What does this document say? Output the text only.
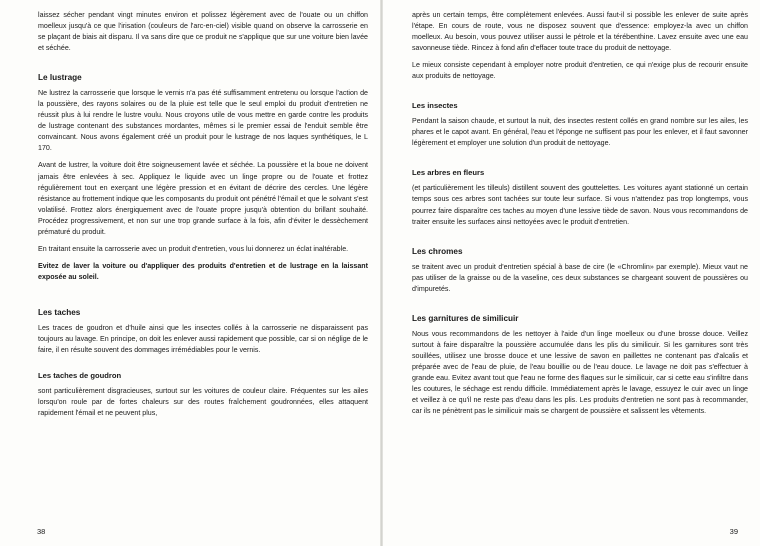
laissez sécher pendant vingt minutes environ et polissez légèrement avec de l'ouate ou un chiffon moelleux jusqu'à ce que l'irisation (couleurs de l'arc-en-ciel) visible quand on observe la carrosserie en se plaçant de biais ait disparu. Il va sans dire que ce produit ne s'applique que sur une voiture bien lavée et séchée.

Le lustrage

Ne lustrez la carrosserie que lorsque le vernis n'a pas été suffisamment entretenu ou lorsque l'action de la poussière, des rayons solaires ou de la pluie est telle que le seul emploi du produit d'entretien ne réussit plus à lui rendre le lustre voulu. Nous croyons utile de vous mettre en garde contre les produits de lustrage contenant des substances mordantes, mêmes si le premier essai de l'enduit semble être convaincant. Nous avons également créé un produit pour le lustrage de nos laques synthétiques, le L 170.

Avant de lustrer, la voiture doit être soigneusement lavée et séchée. La poussière et la boue ne doivent jamais être enlevées à sec. Appliquez le liquide avec un linge propre ou de l'ouate et frottez régulièrement tout en exerçant une légère pression et en évitant de décrire des cercles. Une légère résistance au frottement indique que les composants du produit ont pénétré l'émail et que le solvant s'est volatilisé. Frottez alors énergiquement avec de l'ouate propre jusqu'à obtention du brillant souhaité. Procédez progressivement, et non sur une trop grande surface à la fois, afin d'éviter le dessèchement prématuré du produit.

En traitant ensuite la carrosserie avec un produit d'entretien, vous lui donnerez un éclat inaltérable.

Evitez de laver la voiture ou d'appliquer des produits d'entretien et de lustrage en la laissant exposée au soleil.

Les taches

Les traces de goudron et d'huile ainsi que les insectes collés à la carrosserie ne disparaissent pas toujours au lavage. En principe, on doit les enlever aussi rapidement que possible, car si on néglige de le faire, il en résulte souvent des dommages irrémédiables pour le vernis.

Les taches de goudron

sont particulièrement disgracieuses, surtout sur les voitures de couleur claire. Fréquentes sur les ailes lorsqu'on roule par de fortes chaleurs sur des routes fraîchement goudronnées, elles attaquent rapidement l'émail et ne peuvent plus,

38

après un certain temps, être complètement enlevées. Aussi faut-il si possible les enlever de suite après l'étape. En cours de route, vous ne disposez souvent que d'essence: employez-la avec un chiffon moelleux. Au besoin, vous pouvez utiliser aussi le pétrole et la térébenthine. Lavez ensuite avec une eau savonneuse tiède. Rincez à fond afin d'effacer toute trace du produit de nettoyage.

Le mieux consiste cependant à employer notre produit d'entretien, ce qui n'exige plus de recourir ensuite aux produits de nettoyage.

Les insectes

Pendant la saison chaude, et surtout la nuit, des insectes restent collés en grand nombre sur les ailes, les phares et le capot avant. En général, l'eau et l'éponge ne suffisent pas pour les enlever, et il faut savonner légèrement et employer une solution d'un produit de nettoyage.

Les arbres en fleurs

(et particulièrement les tilleuls) distillent souvent des gouttelettes. Les voitures ayant stationné un certain temps sous ces arbres sont tachées sur toute leur surface. Si vous n'attendez pas trop longtemps, vous pourrez faire disparaître ces taches au moyen d'une lessive tiède de savon. Nous vous recommandons de traiter ensuite les surfaces ainsi nettoyées avec le produit d'entretien.

Les chromes

se traitent avec un produit d'entretien spécial à base de cire (le «Chromlin» par exemple). Mieux vaut ne pas utiliser de la graisse ou de la vaseline, ces deux substances se chargeant souvent de poussières ou d'impuretés.

Les garnitures de similicuir

Nous vous recommandons de les nettoyer à l'aide d'un linge moelleux ou d'une brosse douce. Veillez surtout à faire disparaître la poussière accumulée dans les plis du similicuir. Si les garnitures sont très souillées, utilisez une brosse douce et une lessive de savon en paillettes ne contenant pas d'alcalis et préparée avec de l'eau de pluie, de l'eau bouillie ou de l'eau douce. Le lavage ne doit pas s'effectuer à grande eau. Evitez avant tout que l'eau ne forme des flaques sur le similicuir, car si cette eau s'infiltre dans les coutures, le séchage est rendu difficile. Immédiatement après le lavage, essuyez le cuir avec un linge et veillez à ce qu'il ne reste pas d'eau dans les plis. Les produits d'entretien ne sont pas à recommander, car ils ne pénètrent pas le similicuir mais se chargent de poussière et salissent les vêtements.

39
